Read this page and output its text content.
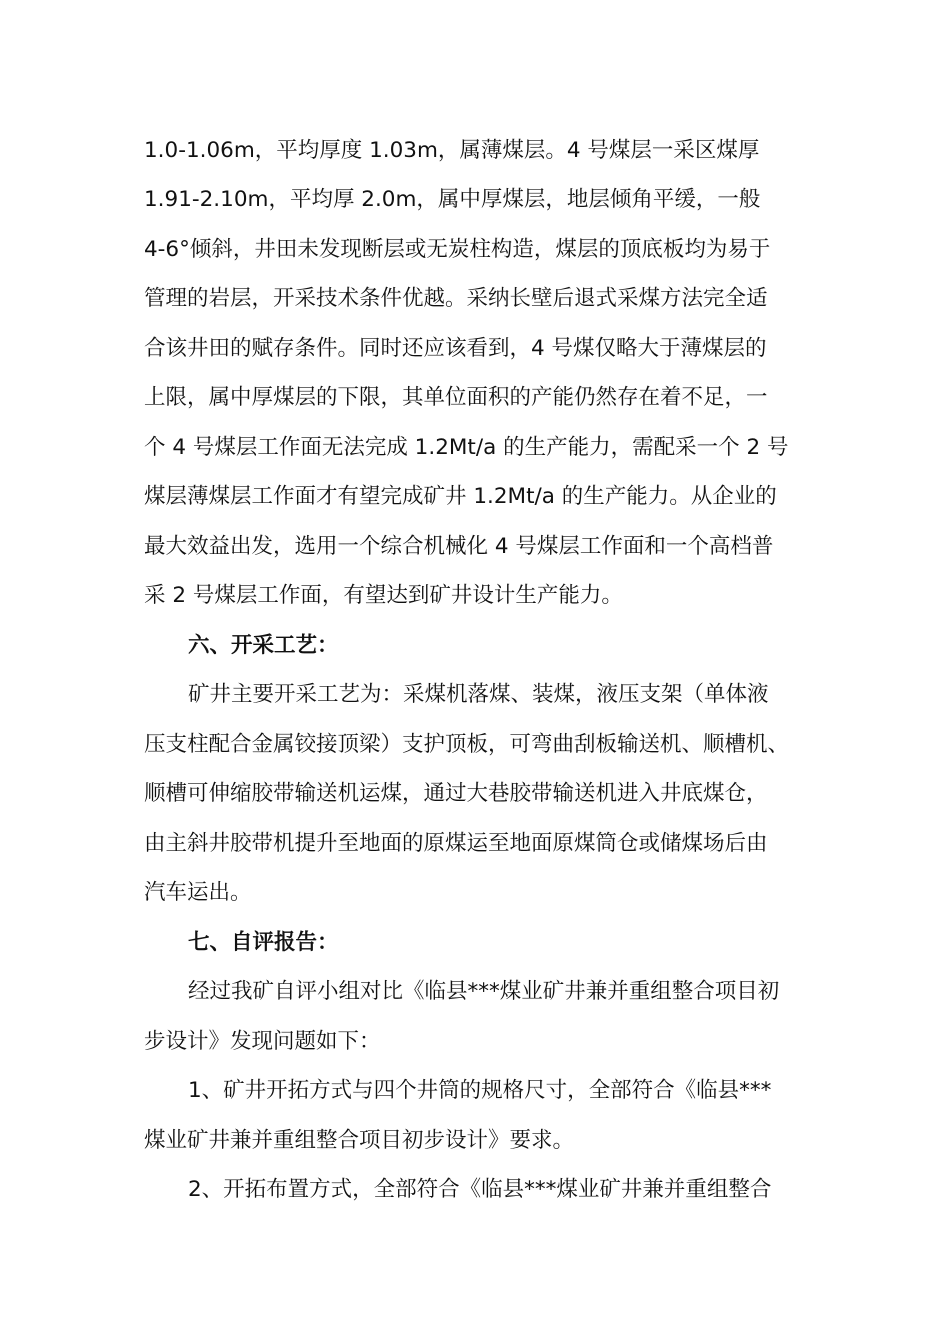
1.0-1.06m，平均厚度 1.03m，属薄煤层。4 号煤层一采区煤厚
1.91-2.10m，平均厚 2.0m，属中厚煤层，地层倾角平缓，一般
4-6°倾斜，井田未发现断层或无炭柱构造，煤层的顶底板均为易于
管理的岩层，开采技术条件优越。采纳长壁后退式采煤方法完全适
合该井田的赋存条件。同时还应该看到，4 号煤仅略大于薄煤层的
上限，属中厚煤层的下限，其单位面积的产能仍然存在着不足，一
个 4 号煤层工作面无法完成 1.2Mt/a 的生产能力，需配采一个 2 号
煤层薄煤层工作面才有望完成矿井 1.2Mt/a 的生产能力。从企业的
最大效益出发，选用一个综合机械化 4 号煤层工作面和一个高档普
采 2 号煤层工作面，有望达到矿井设计生产能力。
六、开采工艺：
矿井主要开采工艺为：采煤机落煤、装煤，液压支架（单体液
压支柱配合金属铰接顶梁）支护顶板，可弯曲刮板输送机、顺槽机、
顺槽可伸缩胶带输送机运煤，通过大巷胶带输送机进入井底煤仓，
由主斜井胶带机提升至地面的原煤运至地面原煤筒仓或储煤场后由
汽车运出。
七、自评报告：
经过我矿自评小组对比《临县***煤业矿井兼并重组整合项目初
步设计》发现问题如下：
1、矿井开拓方式与四个井筒的规格尺寸，全部符合《临县***
煤业矿井兼并重组整合项目初步设计》要求。
2、开拓布置方式，全部符合《临县***煤业矿井兼并重组整合
